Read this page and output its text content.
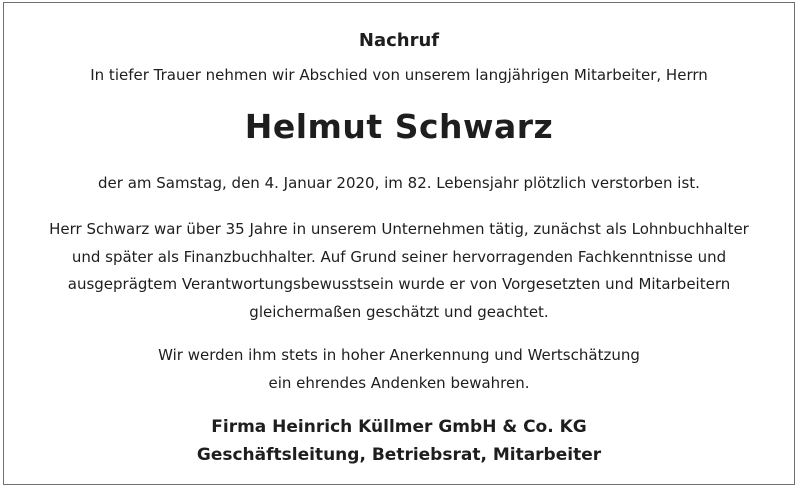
Nachruf
In tiefer Trauer nehmen wir Abschied von unserem langjährigen Mitarbeiter, Herrn
Helmut Schwarz
der am Samstag, den 4. Januar 2020, im 82. Lebensjahr plötzlich verstorben ist.
Herr Schwarz war über 35 Jahre in unserem Unternehmen tätig, zunächst als Lohnbuchhalter
und später als Finanzbuchhalter. Auf Grund seiner hervorragenden Fachkenntnisse und
ausgeprägtem Verantwortungsbewusstsein wurde er von Vorgesetzten und Mitarbeitern
gleichermaßen geschätzt und geachtet.
Wir werden ihm stets in hoher Anerkennung und Wertschätzung
ein ehrendes Andenken bewahren.
Firma Heinrich Küllmer GmbH & Co. KG
Geschäftsleitung, Betriebsrat, Mitarbeiter
